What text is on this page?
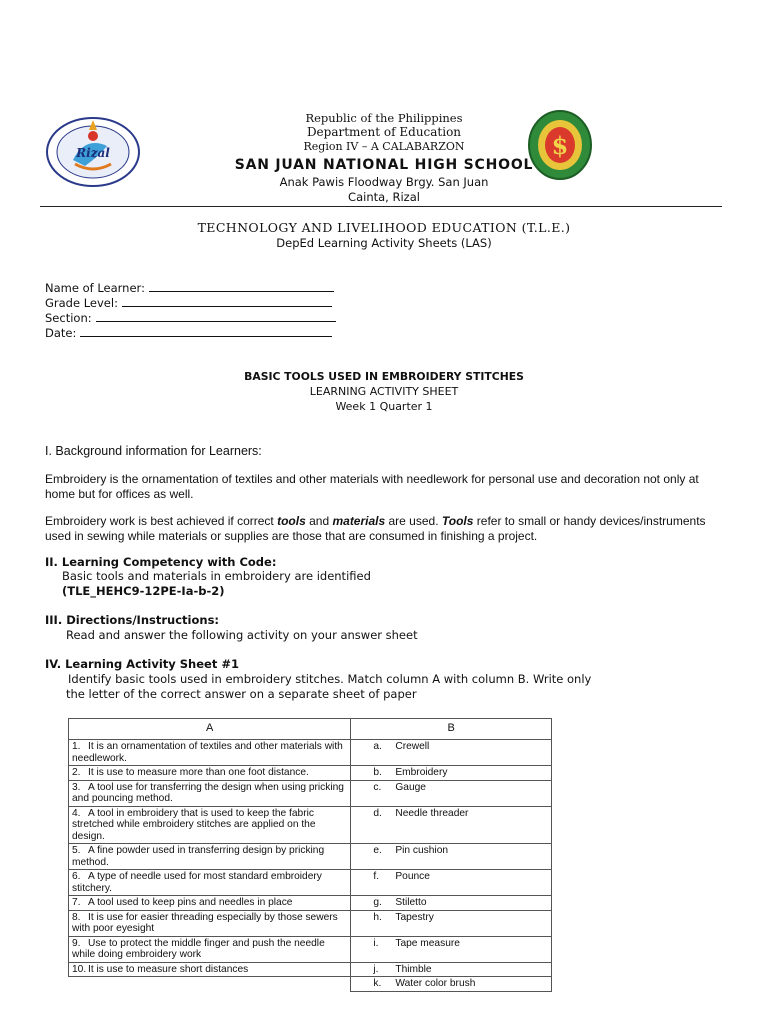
Rizal	$
Republic of the Philippines
Department of Education
Region IV – A CALABARZON
SAN JUAN NATIONAL HIGH SCHOOL
Anak Pawis Floodway Brgy. San Juan
Cainta, Rizal
TECHNOLOGY AND LIVELIHOOD EDUCATION (T.L.E.)
DepEd Learning Activity Sheets (LAS)
Name of Learner:
Grade Level:
Section:
Date:
BASIC TOOLS USED IN EMBROIDERY STITCHES
LEARNING ACTIVITY SHEET
Week 1 Quarter 1
I. Background information for Learners:

Embroidery is the ornamentation of textiles and other materials with needlework for personal use and decoration not only at home but for offices as well.

Embroidery work is best achieved if correct tools and materials are used. Tools refer to small or handy devices/instruments used in sewing while materials or supplies are those that are consumed in finishing a project.

II. Learning Competency with Code:
Basic tools and materials in embroidery are identified
(TLE_HEHC9-12PE-Ia-b-2)
III. Directions/Instructions:
Read and answer the following activity on your answer sheet
IV. Learning Activity Sheet #1
Identify basic tools used in embroidery stitches. Match column A with column B. Write only
the letter of the correct answer on a separate sheet of paper
A	B
1. It is an ornamentation of textiles and other materials with needlework.	a. Crewell
2. It is use to measure more than one foot distance.	b. Embroidery
3. A tool use for transferring the design when using pricking and pouncing method.	c. Gauge
4. A tool in embroidery that is used to keep the fabric stretched while embroidery stitches are applied on the design.	d. Needle threader
5. A fine powder used in transferring design by pricking method.	e. Pin cushion
6. A type of needle used for most standard embroidery stitchery.	f. Pounce
7. A tool used to keep pins and needles in place	g. Stiletto
8. It is use for easier threading especially by those sewers with poor eyesight	h. Tapestry
9. Use to protect the middle finger and push the needle while doing embroidery work	i. Tape measure
10. It is use to measure short distances	j. Thimble
	k. Water color brush
